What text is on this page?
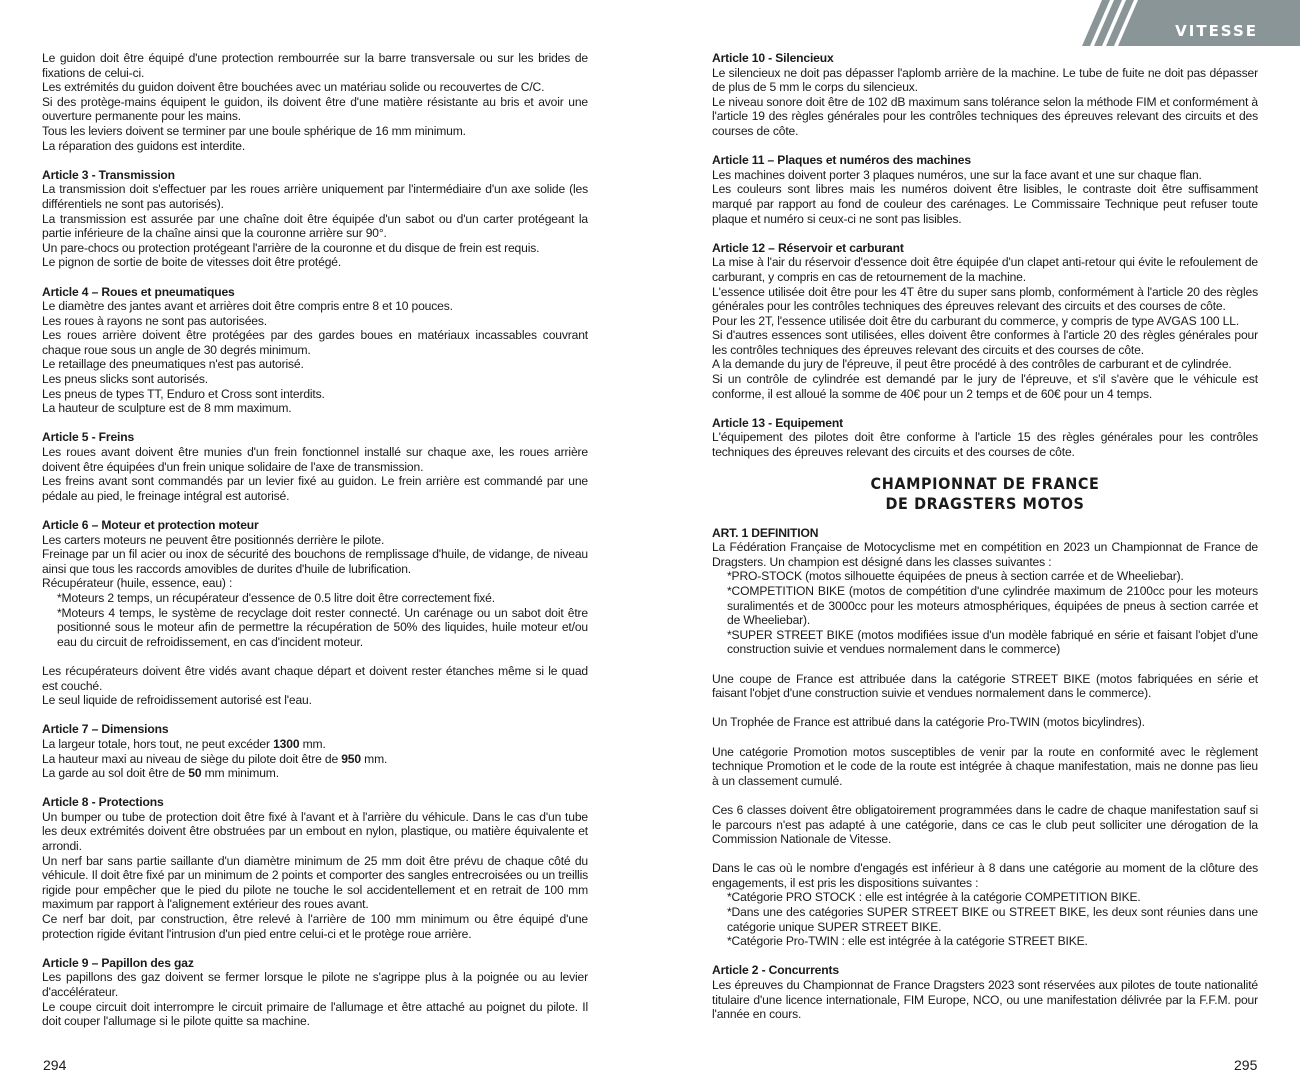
VITESSE

Le guidon doit être équipé d'une protection rembourrée sur la barre transversale ou sur les brides de fixations de celui-ci.

Les extrémités du guidon doivent être bouchées avec un matériau solide ou recouvertes de C/C.

Si des protège-mains équipent le guidon, ils doivent être d'une matière résistante au bris et avoir une ouverture permanente pour les mains.

Tous les leviers doivent se terminer par une boule sphérique de 16 mm minimum.

La réparation des guidons est interdite.

Article 3 - Transmission

La transmission doit s'effectuer par les roues arrière uniquement par l'intermédiaire d'un axe solide (les différentiels ne sont pas autorisés).

La transmission est assurée par une chaîne doit être équipée d'un sabot ou d'un carter protégeant la partie inférieure de la chaîne ainsi que la couronne arrière sur 90°.

Un pare-chocs ou protection protégeant l'arrière de la couronne et du disque de frein est requis.

Le pignon de sortie de boite de vitesses doit être protégé.

Article 4 – Roues et pneumatiques

Le diamètre des jantes avant et arrières doit être compris entre 8 et 10 pouces.

Les roues à rayons ne sont pas autorisées.

Les roues arrière doivent être protégées par des gardes boues en matériaux incassables couvrant chaque roue sous un angle de 30 degrés minimum.

Le retaillage des pneumatiques n'est pas autorisé.

Les pneus slicks sont autorisés.

Les pneus de types TT, Enduro et Cross sont interdits.

La hauteur de sculpture est de 8 mm maximum.

Article 5 - Freins

Les roues avant doivent être munies d'un frein fonctionnel installé sur chaque axe, les roues arrière doivent être équipées d'un frein unique solidaire de l'axe de transmission.

Les freins avant sont commandés par un levier fixé au guidon. Le frein arrière est commandé par une pédale au pied, le freinage intégral est autorisé.

Article 6 – Moteur et protection moteur

Les carters moteurs ne peuvent être positionnés derrière le pilote.

Freinage par un fil acier ou inox de sécurité des bouchons de remplissage d'huile, de vidange, de niveau ainsi que tous les raccords amovibles de durites d'huile de lubrification.

Récupérateur (huile, essence, eau) :

*Moteurs 2 temps, un récupérateur d'essence de 0.5 litre doit être correctement fixé.

*Moteurs 4 temps, le système de recyclage doit rester connecté. Un carénage ou un sabot doit être positionné sous le moteur afin de permettre la récupération de 50% des liquides, huile moteur et/ou eau du circuit de refroidissement, en cas d'incident moteur.

Les récupérateurs doivent être vidés avant chaque départ et doivent rester étanches même si le quad est couché.

Le seul liquide de refroidissement autorisé est l'eau.

Article 7 – Dimensions

La largeur totale, hors tout, ne peut excéder 1300 mm.

La hauteur maxi au niveau de siège du pilote doit être de 950 mm.

La garde au sol doit être de 50 mm minimum.

Article 8 - Protections

Un bumper ou tube de protection doit être fixé à l'avant et à l'arrière du véhicule. Dans le cas d'un tube les deux extrémités doivent être obstruées par un embout en nylon, plastique, ou matière équivalente et arrondi.

Un nerf bar sans partie saillante d'un diamètre minimum de 25 mm doit être prévu de chaque côté du véhicule. Il doit être fixé par un minimum de 2 points et comporter des sangles entrecroisées ou un treillis rigide pour empêcher que le pied du pilote ne touche le sol accidentellement et en retrait de 100 mm maximum par rapport à l'alignement extérieur des roues avant.

Ce nerf bar doit, par construction, être relevé à l'arrière de 100 mm minimum ou être équipé d'une protection rigide évitant l'intrusion d'un pied entre celui-ci et le protège roue arrière.

Article 9 – Papillon des gaz

Les papillons des gaz doivent se fermer lorsque le pilote ne s'agrippe plus à la poignée ou au levier d'accélérateur.

Le coupe circuit doit interrompre le circuit primaire de l'allumage et être attaché au poignet du pilote. Il doit couper l'allumage si le pilote quitte sa machine.

Article 10 - Silencieux

Le silencieux ne doit pas dépasser l'aplomb arrière de la machine. Le tube de fuite ne doit pas dépasser de plus de 5 mm le corps du silencieux.

Le niveau sonore doit être de 102 dB maximum sans tolérance selon la méthode FIM et conformément à l'article 19 des règles générales pour les contrôles techniques des épreuves relevant des circuits et des courses de côte.

Article 11 – Plaques et numéros des machines

Les machines doivent porter 3 plaques numéros, une sur la face avant et une sur chaque flan.

Les couleurs sont libres mais les numéros doivent être lisibles, le contraste doit être suffisamment marqué par rapport au fond de couleur des carénages. Le Commissaire Technique peut refuser toute plaque et numéro si ceux-ci ne sont pas lisibles.

Article 12 – Réservoir et carburant

La mise à l'air du réservoir d'essence doit être équipée d'un clapet anti-retour qui évite le refoulement de carburant, y compris en cas de retournement de la machine.

L'essence utilisée doit être pour les 4T être du super sans plomb, conformément à l'article 20 des règles générales pour les contrôles techniques des épreuves relevant des circuits et des courses de côte.

Pour les 2T, l'essence utilisée doit être du carburant du commerce, y compris de type AVGAS 100 LL.

Si d'autres essences sont utilisées, elles doivent être conformes à l'article 20 des règles générales pour les contrôles techniques des épreuves relevant des circuits et des courses de côte.

A la demande du jury de l'épreuve, il peut être procédé à des contrôles de carburant et de cylindrée.

Si un contrôle de cylindrée est demandé par le jury de l'épreuve, et s'il s'avère que le véhicule est conforme, il est alloué la somme de 40€ pour un 2 temps et de 60€ pour un 4 temps.

Article 13 - Equipement

L'équipement des pilotes doit être conforme à l'article 15 des règles générales pour les contrôles techniques des épreuves relevant des circuits et des courses de côte.

CHAMPIONNAT DE FRANCE
DE DRAGSTERS MOTOS
ART. 1 DEFINITION

La Fédération Française de Motocyclisme met en compétition en 2023 un Championnat de France de Dragsters. Un champion est désigné dans les classes suivantes :

*PRO-STOCK (motos silhouette équipées de pneus à section carrée et de Wheeliebar).

*COMPETITION BIKE (motos de compétition d'une cylindrée maximum de 2100cc pour les moteurs suralimentés et de 3000cc pour les moteurs atmosphériques, équipées de pneus à section carrée et de Wheeliebar).

*SUPER STREET BIKE (motos modifiées issue d'un modèle fabriqué en série et faisant l'objet d'une construction suivie et vendues normalement dans le commerce)

Une coupe de France est attribuée dans la catégorie STREET BIKE (motos fabriquées en série et faisant l'objet d'une construction suivie et vendues normalement dans le commerce).

Un Trophée de France est attribué dans la catégorie Pro-TWIN (motos bicylindres).

Une catégorie Promotion motos susceptibles de venir par la route en conformité avec le règlement technique Promotion et le code de la route est intégrée à chaque manifestation, mais ne donne pas lieu à un classement cumulé.

Ces 6 classes doivent être obligatoirement programmées dans le cadre de chaque manifestation sauf si le parcours n'est pas adapté à une catégorie, dans ce cas le club peut solliciter une dérogation de la Commission Nationale de Vitesse.

Dans le cas où le nombre d'engagés est inférieur à 8 dans une catégorie au moment de la clôture des engagements, il est pris les dispositions suivantes :

*Catégorie PRO STOCK : elle est intégrée à la catégorie COMPETITION BIKE.

*Dans une des catégories SUPER STREET BIKE ou STREET BIKE, les deux sont réunies dans une catégorie unique SUPER STREET BIKE.

*Catégorie Pro-TWIN : elle est intégrée à la catégorie STREET BIKE.

Article 2 - Concurrents

Les épreuves du Championnat de France Dragsters 2023 sont réservées aux pilotes de toute nationalité titulaire d'une licence internationale, FIM Europe, NCO, ou une manifestation délivrée par la F.F.M. pour l'année en cours.

294	295
